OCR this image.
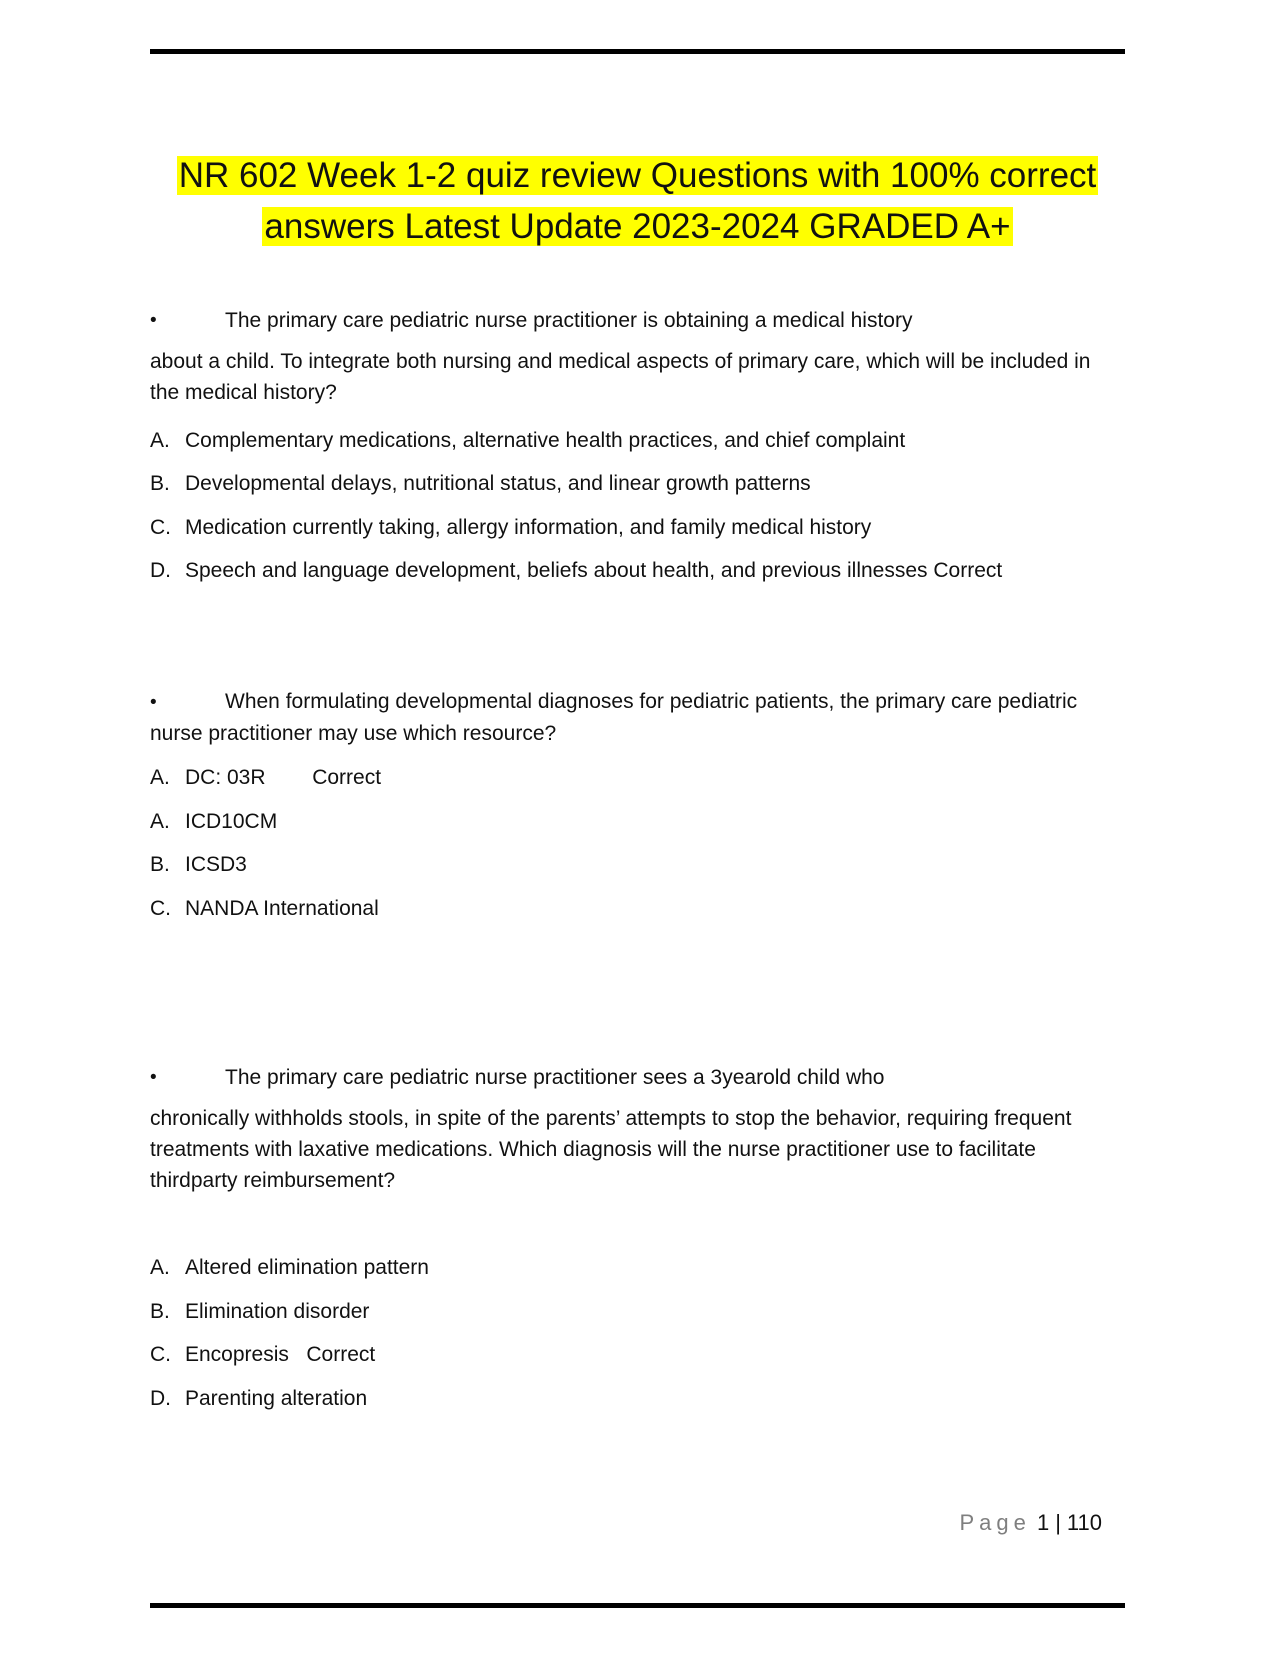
NR 602 Week 1-2 quiz review Questions with 100% correct
answers Latest Update 2023-2024 GRADED A+
•	The primary care pediatric nurse practitioner is obtaining a medical history

about a child. To integrate both nursing and medical aspects of primary care, which will be included in the medical history?

A. Complementary medications, alternative health practices, and chief complaint
B. Developmental delays, nutritional status, and linear growth patterns
C. Medication currently taking, allergy information, and family medical history
D. Speech and language development, beliefs about health, and previous illnesses Correct

•	When formulating developmental diagnoses for pediatric patients, the primary care pediatric nurse practitioner may use which resource?

A. DC: 03R        Correct
A. ICD10CM
B. ICSD3
C. NANDA International
•	The primary care pediatric nurse practitioner sees a 3yearold child who

chronically withholds stools, in spite of the parents’ attempts to stop the behavior, requiring frequent treatments with laxative medications. Which diagnosis will the nurse practitioner use to facilitate thirdparty reimbursement?

A. Altered elimination pattern
B. Elimination disorder
C. Encopresis   Correct
D. Parenting alteration
Page 1 | 110
